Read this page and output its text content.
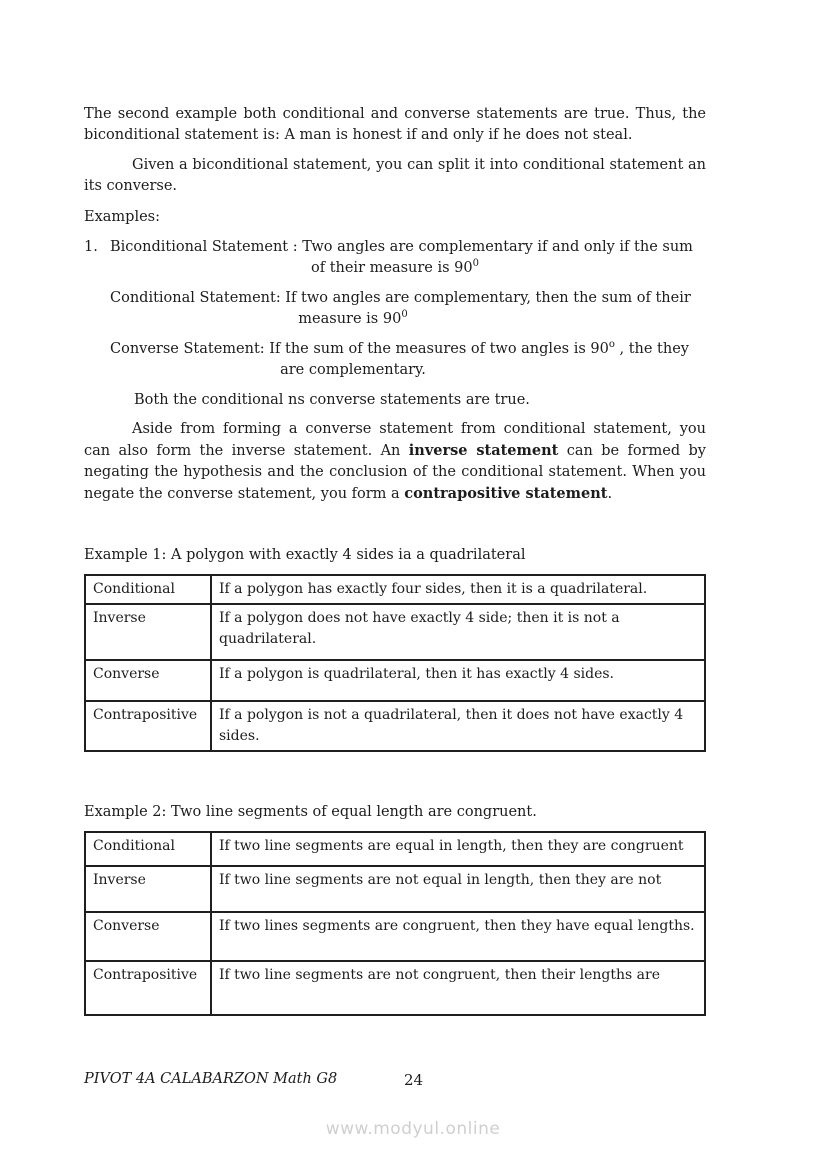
The second example both conditional and converse statements are true. Thus, the biconditional statement is: A man is honest if and only if he does not steal.

Given a biconditional statement, you can split it into conditional statement an its converse.

Examples:

1. Biconditional Statement : Two angles are complementary if and only if the sum
of their measure is $90^0$
Conditional Statement: If two angles are complementary, then the sum of their
measure is $90^0$
Converse Statement: If the sum of the measures of two angles is 90$^o$ , the they
are complementary.

Both the conditional ns converse statements are true.

Aside from forming a converse statement from conditional statement, you can also form the inverse statement. An inverse statement can be formed by negating the hypothesis and the conclusion of the conditional statement. When you negate the converse statement, you form a contrapositive statement.

Example 1: A polygon with exactly 4 sides ia a quadrilateral

Conditional	If a polygon has exactly four sides, then it is a quadrilateral.
Inverse	If a polygon does not have exactly 4 side; then it is not a quadrilateral.
Converse	If a polygon is quadrilateral, then it has exactly 4 sides.
Contrapositive	If a polygon is not a quadrilateral, then it does not have exactly 4 sides.

Example 2: Two line segments of equal length are congruent.

Conditional	If two line segments are equal in length, then they are congruent
Inverse	If two line segments are not equal in length, then they are not
Converse	If two lines segments are congruent, then they have equal lengths.
Contrapositive	If two line segments are not congruent, then their lengths are
PIVOT 4A CALABARZON Math G8	24
www.modyul.online
